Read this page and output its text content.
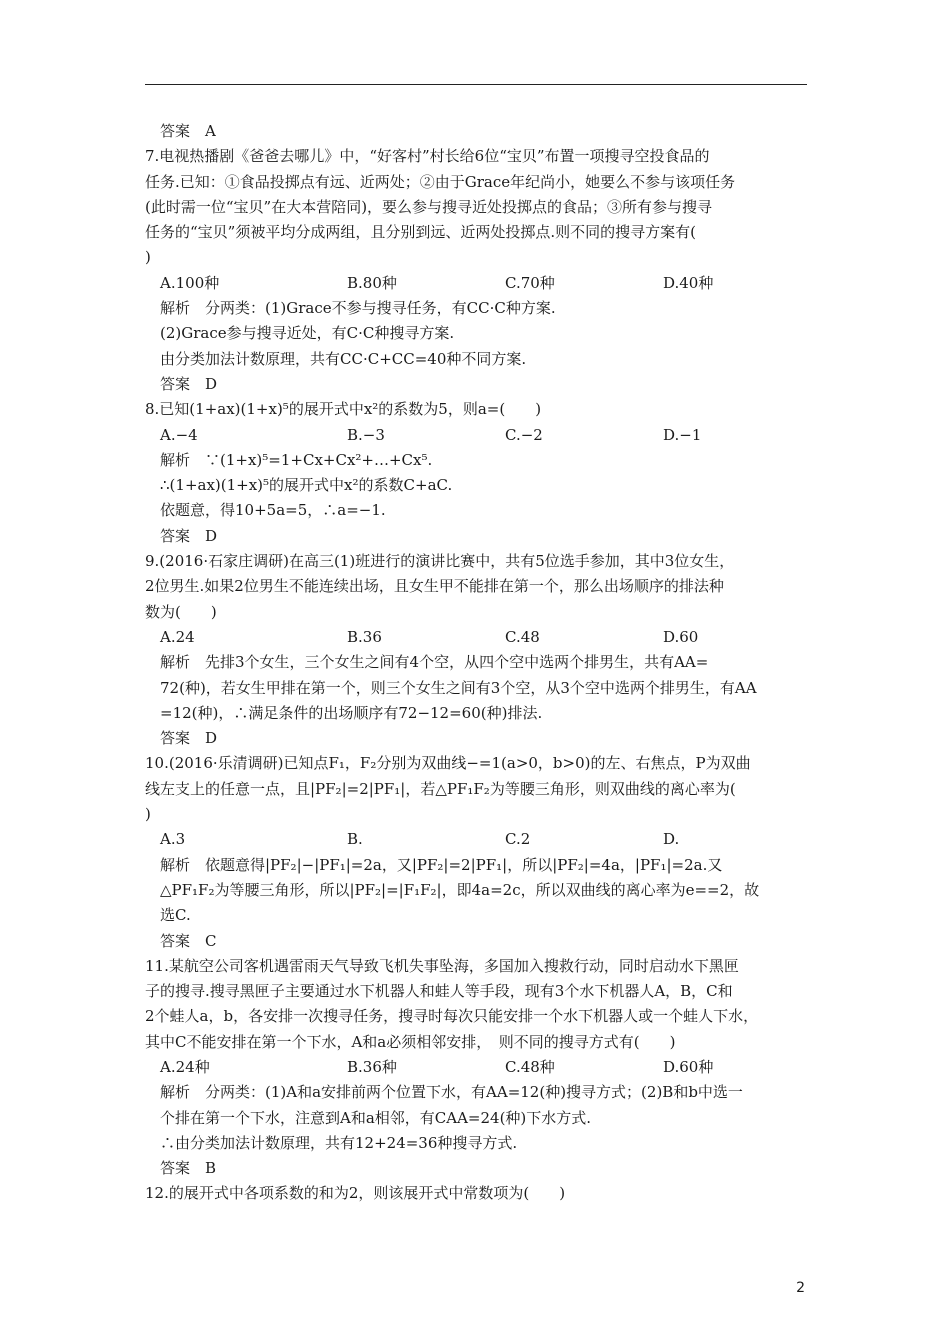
答案　A
7.电视热播剧《爸爸去哪儿》中，“好客村”村长给6位“宝贝”布置一项搜寻空投食品的
任务.已知：①食品投掷点有远、近两处；②由于Grace年纪尚小，她要么不参与该项任务
(此时需一位“宝贝”在大本营陪同)，要么参与搜寻近处投掷点的食品；③所有参与搜寻
任务的“宝贝”须被平均分成两组，且分别到远、近两处投掷点.则不同的搜寻方案有(
)
A.100种	B.80种	C.70种	D.40种
解析　分两类：(1)Grace不参与搜寻任务，有CC·C种方案.
(2)Grace参与搜寻近处，有C·C种搜寻方案.
由分类加法计数原理，共有CC·C+CC=40种不同方案.
答案　D
8.已知(1+ax)(1+x)⁵的展开式中x²的系数为5，则a=(　　)
A.−4	B.−3	C.−2	D.−1
解析　∵(1+x)⁵=1+Cx+Cx²+…+Cx⁵.
∴(1+ax)(1+x)⁵的展开式中x²的系数C+aC.
依题意，得10+5a=5，∴a=−1.
答案　D
9.(2016·石家庄调研)在高三(1)班进行的演讲比赛中，共有5位选手参加，其中3位女生，
2位男生.如果2位男生不能连续出场，且女生甲不能排在第一个，那么出场顺序的排法种
数为(　　)
A.24	B.36	C.48	D.60
解析　先排3个女生，三个女生之间有4个空，从四个空中选两个排男生，共有AA=
72(种)，若女生甲排在第一个，则三个女生之间有3个空，从3个空中选两个排男生，有AA
=12(种)，∴满足条件的出场顺序有72−12=60(种)排法.
答案　D
10.(2016·乐清调研)已知点F₁，F₂分别为双曲线−=1(a>0，b>0)的左、右焦点，P为双曲
线左支上的任意一点，且|PF₂|=2|PF₁|，若△PF₁F₂为等腰三角形，则双曲线的离心率为(
)
A.3	B.	C.2	D.
解析　依题意得|PF₂|−|PF₁|=2a，又|PF₂|=2|PF₁|，所以|PF₂|=4a，|PF₁|=2a.又
△PF₁F₂为等腰三角形，所以|PF₂|=|F₁F₂|，即4a=2c，所以双曲线的离心率为e==2，故
选C.
答案　C
11.某航空公司客机遇雷雨天气导致飞机失事坠海，多国加入搜救行动，同时启动水下黑匣
子的搜寻.搜寻黑匣子主要通过水下机器人和蛙人等手段，现有3个水下机器人A，B，C和
2个蛙人a，b，各安排一次搜寻任务，搜寻时每次只能安排一个水下机器人或一个蛙人下水，
其中C不能安排在第一个下水，A和a必须相邻安排，　则不同的搜寻方式有(　　)
A.24种	B.36种	C.48种	D.60种
解析　分两类：(1)A和a安排前两个位置下水，有AA=12(种)搜寻方式；(2)B和b中选一
个排在第一个下水，注意到A和a相邻，有CAA=24(种)下水方式.
∴由分类加法计数原理，共有12+24=36种搜寻方式.
答案　B
12.的展开式中各项系数的和为2，则该展开式中常数项为(　　)
2
